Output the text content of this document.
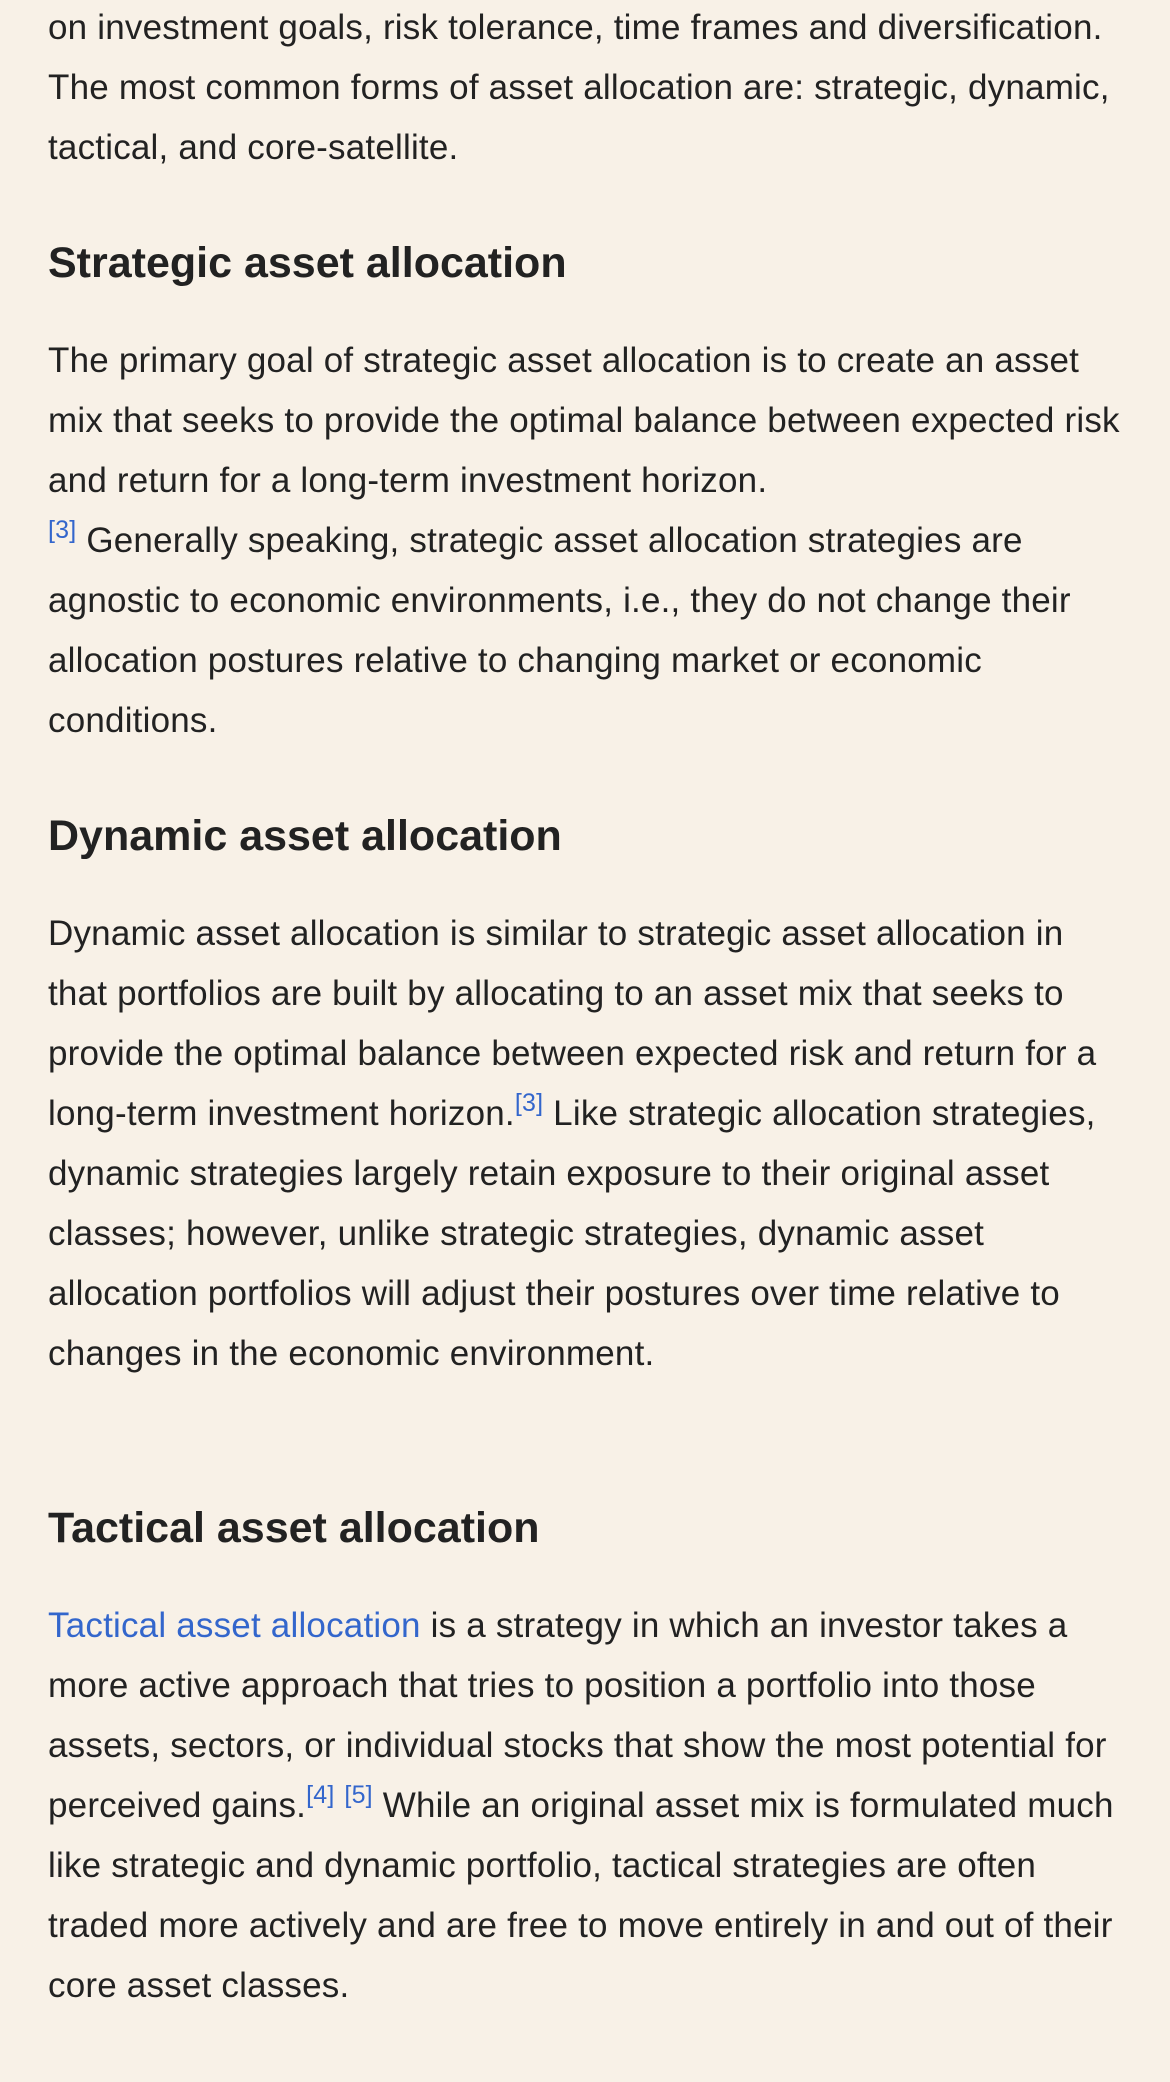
on investment goals, risk tolerance, time frames and diversification. The most common forms of asset allocation are: strategic, dynamic, tactical, and core-satellite.

Strategic asset allocation

The primary goal of strategic asset allocation is to create an asset mix that seeks to provide the optimal balance between expected risk and return for a long-term investment horizon.
[3] Generally speaking, strategic asset allocation strategies are agnostic to economic environments, i.e., they do not change their allocation postures relative to changing market or economic conditions.

Dynamic asset allocation

Dynamic asset allocation is similar to strategic asset allocation in that portfolios are built by allocating to an asset mix that seeks to provide the optimal balance between expected risk and return for a long-term investment horizon.[3] Like strategic allocation strategies, dynamic strategies largely retain exposure to their original asset classes; however, unlike strategic strategies, dynamic asset allocation portfolios will adjust their postures over time relative to changes in the economic environment.

Tactical asset allocation

Tactical asset allocation is a strategy in which an investor takes a more active approach that tries to position a portfolio into those assets, sectors, or individual stocks that show the most potential for perceived gains.[4] [5] While an original asset mix is formulated much like strategic and dynamic portfolio, tactical strategies are often traded more actively and are free to move entirely in and out of their core asset classes.
